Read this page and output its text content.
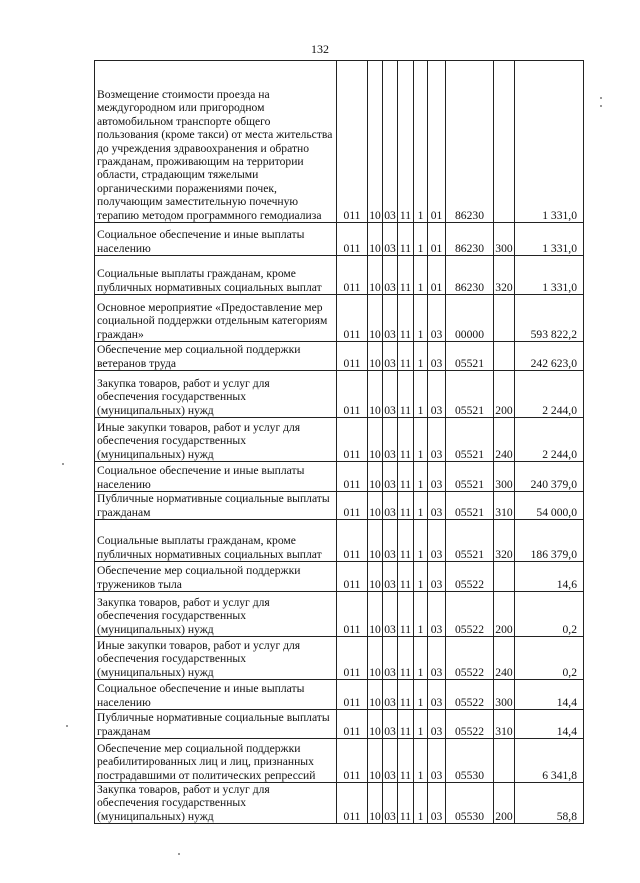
132
Возмещение стоимости проезда на междугородном или пригородном автомобильном транспорте общего пользования (кроме такси) от места жительства до учреждения здравоохранения и обратно гражданам, проживающим на территории области, страдающим тяжелыми органическими поражениями почек, получающим заместительную почечную терапию методом программного гемодиализа	011	10	03	11	1	01	86230		1 331,0
Социальное обеспечение и иные выплаты населению	011	10	03	11	1	01	86230	300	1 331,0
Социальные выплаты гражданам, кроме публичных нормативных социальных выплат	011	10	03	11	1	01	86230	320	1 331,0
Основное мероприятие «Предоставление мер социальной поддержки отдельным категориям граждан»	011	10	03	11	1	03	00000		593 822,2
Обеспечение мер социальной поддержки ветеранов труда	011	10	03	11	1	03	05521		242 623,0
Закупка товаров, работ и услуг для обеспечения государственных (муниципальных) нужд	011	10	03	11	1	03	05521	200	2 244,0
Иные закупки товаров, работ и услуг для обеспечения государственных (муниципальных) нужд	011	10	03	11	1	03	05521	240	2 244,0
Социальное обеспечение и иные выплаты населению	011	10	03	11	1	03	05521	300	240 379,0
Публичные нормативные социальные выплаты гражданам	011	10	03	11	1	03	05521	310	54 000,0
Социальные выплаты гражданам, кроме публичных нормативных социальных выплат	011	10	03	11	1	03	05521	320	186 379,0
Обеспечение мер социальной поддержки тружеников тыла	011	10	03	11	1	03	05522		14,6
Закупка товаров, работ и услуг для обеспечения государственных (муниципальных) нужд	011	10	03	11	1	03	05522	200	0,2
Иные закупки товаров, работ и услуг для обеспечения государственных (муниципальных) нужд	011	10	03	11	1	03	05522	240	0,2
Социальное обеспечение и иные выплаты населению	011	10	03	11	1	03	05522	300	14,4
Публичные нормативные социальные выплаты гражданам	011	10	03	11	1	03	05522	310	14,4
Обеспечение мер социальной поддержки реабилитированных лиц и лиц, признанных пострадавшими от политических репрессий	011	10	03	11	1	03	05530		6 341,8
Закупка товаров, работ и услуг для обеспечения государственных (муниципальных) нужд	011	10	03	11	1	03	05530	200	58,8
